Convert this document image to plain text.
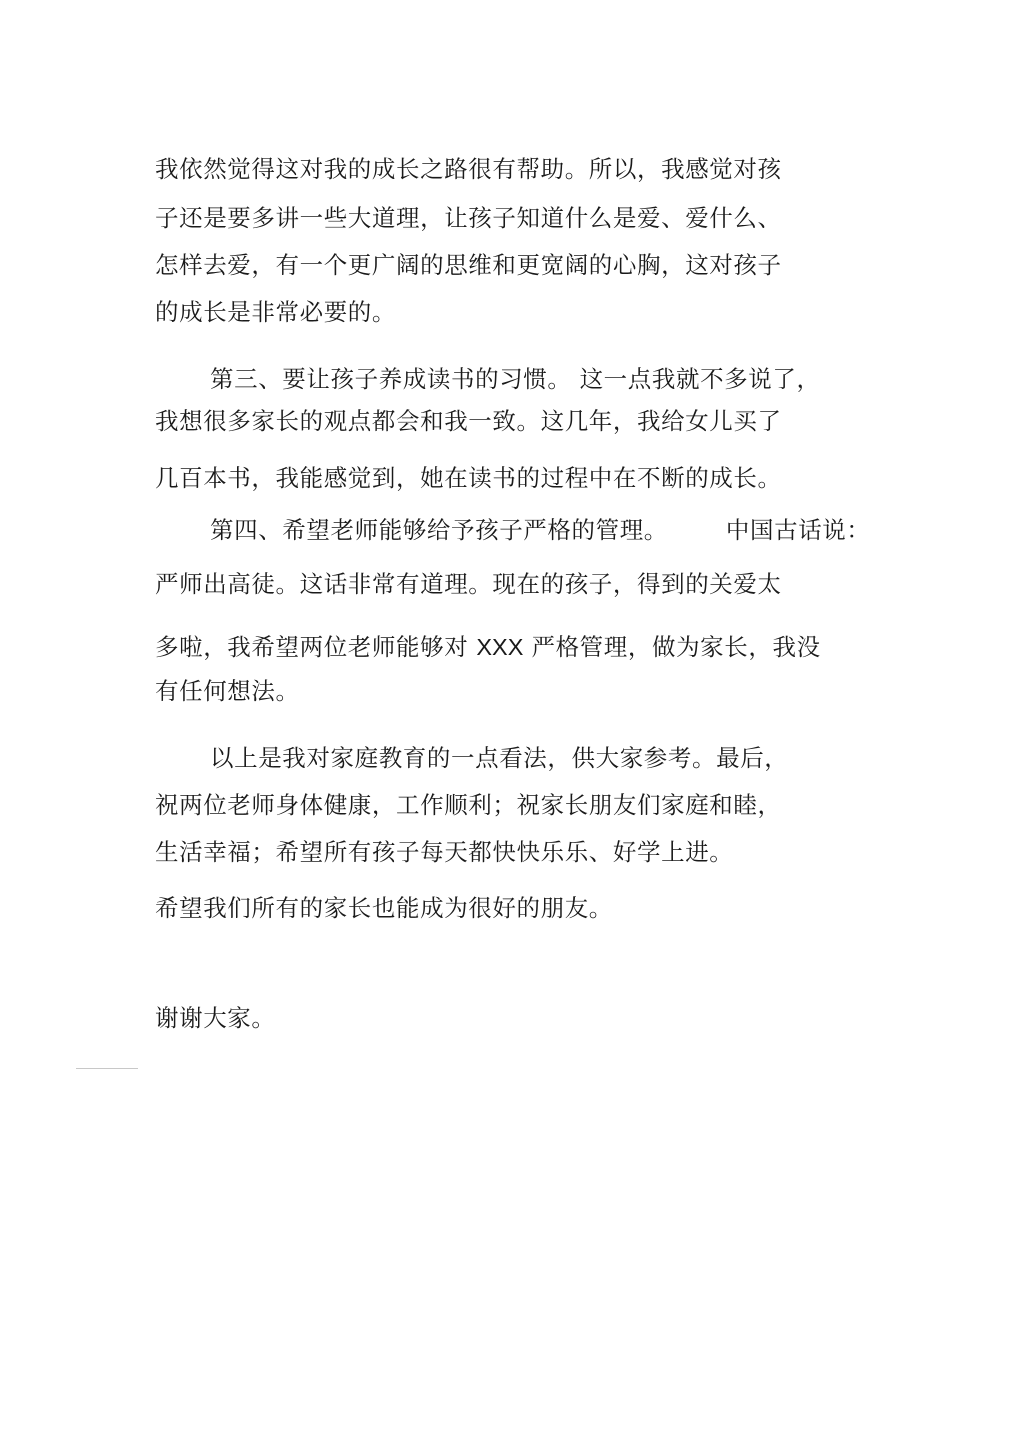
我依然觉得这对我的成长之路很有帮助。所以，我感觉对孩
子还是要多讲一些大道理，让孩子知道什么是爱、爱什么、
怎样去爱，有一个更广阔的思维和更宽阔的心胸，这对孩子
的成长是非常必要的。
第三、要让孩子养成读书的习惯。 这一点我就不多说了，
我想很多家长的观点都会和我一致。这几年，我给女儿买了
几百本书，我能感觉到，她在读书的过程中在不断的成长。
第四、希望老师能够给予孩子严格的管理。 中国古话说：
严师出高徒。这话非常有道理。现在的孩子，得到的关爱太
多啦，我希望两位老师能够对 XXX 严格管理，做为家长，我没
有任何想法。
以上是我对家庭教育的一点看法，供大家参考。最后，
祝两位老师身体健康，工作顺利；祝家长朋友们家庭和睦，
生活幸福；希望所有孩子每天都快快乐乐、好学上进。
希望我们所有的家长也能成为很好的朋友。
谢谢大家。
